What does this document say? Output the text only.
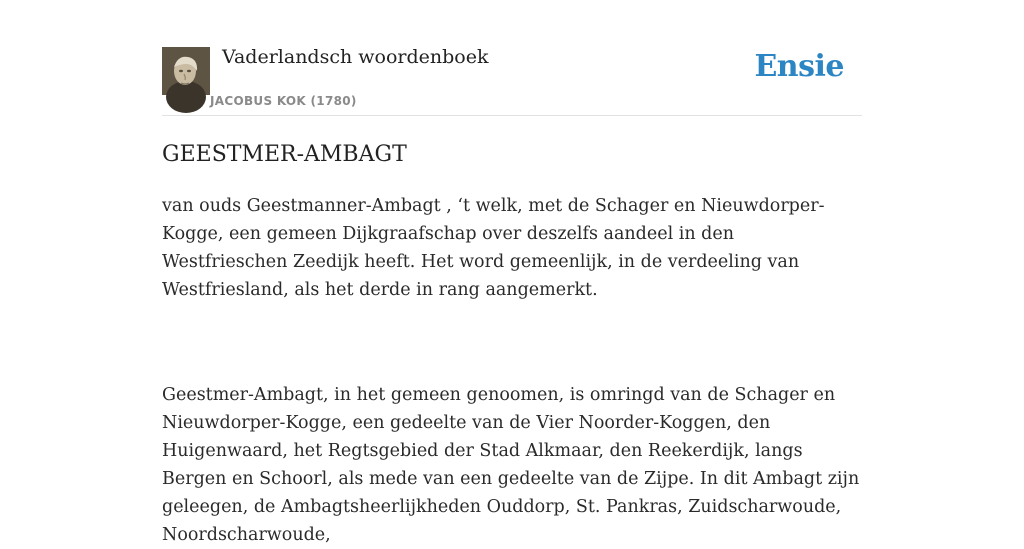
Vaderlandsch woordenboek
JACOBUS KOK (1780)
Ensie
GEESTMER-AMBAGT

van ouds Geestmanner-Ambagt , ‘t welk, met de Schager en Nieuwdorper-Kogge, een gemeen Dijkgraafschap over deszelfs aandeel in den Westfrieschen Zeedijk heeft. Het word gemeenlijk, in de verdeeling van Westfriesland, als het derde in rang aangemerkt.

Geestmer-Ambagt, in het gemeen genoomen, is omringd van de Schager en Nieuwdorper-Kogge, een gedeelte van de Vier Noorder-Koggen, den Huigenwaard, het Regtsgebied der Stad Alkmaar, den Reekerdijk, langs Bergen en Schoorl, als mede van een gedeelte van de Zijpe. In dit Ambagt zijn geleegen, de Ambagtsheerlijkheden Ouddorp, St. Pankras, Zuidscharwoude, Noordscharwoude,
